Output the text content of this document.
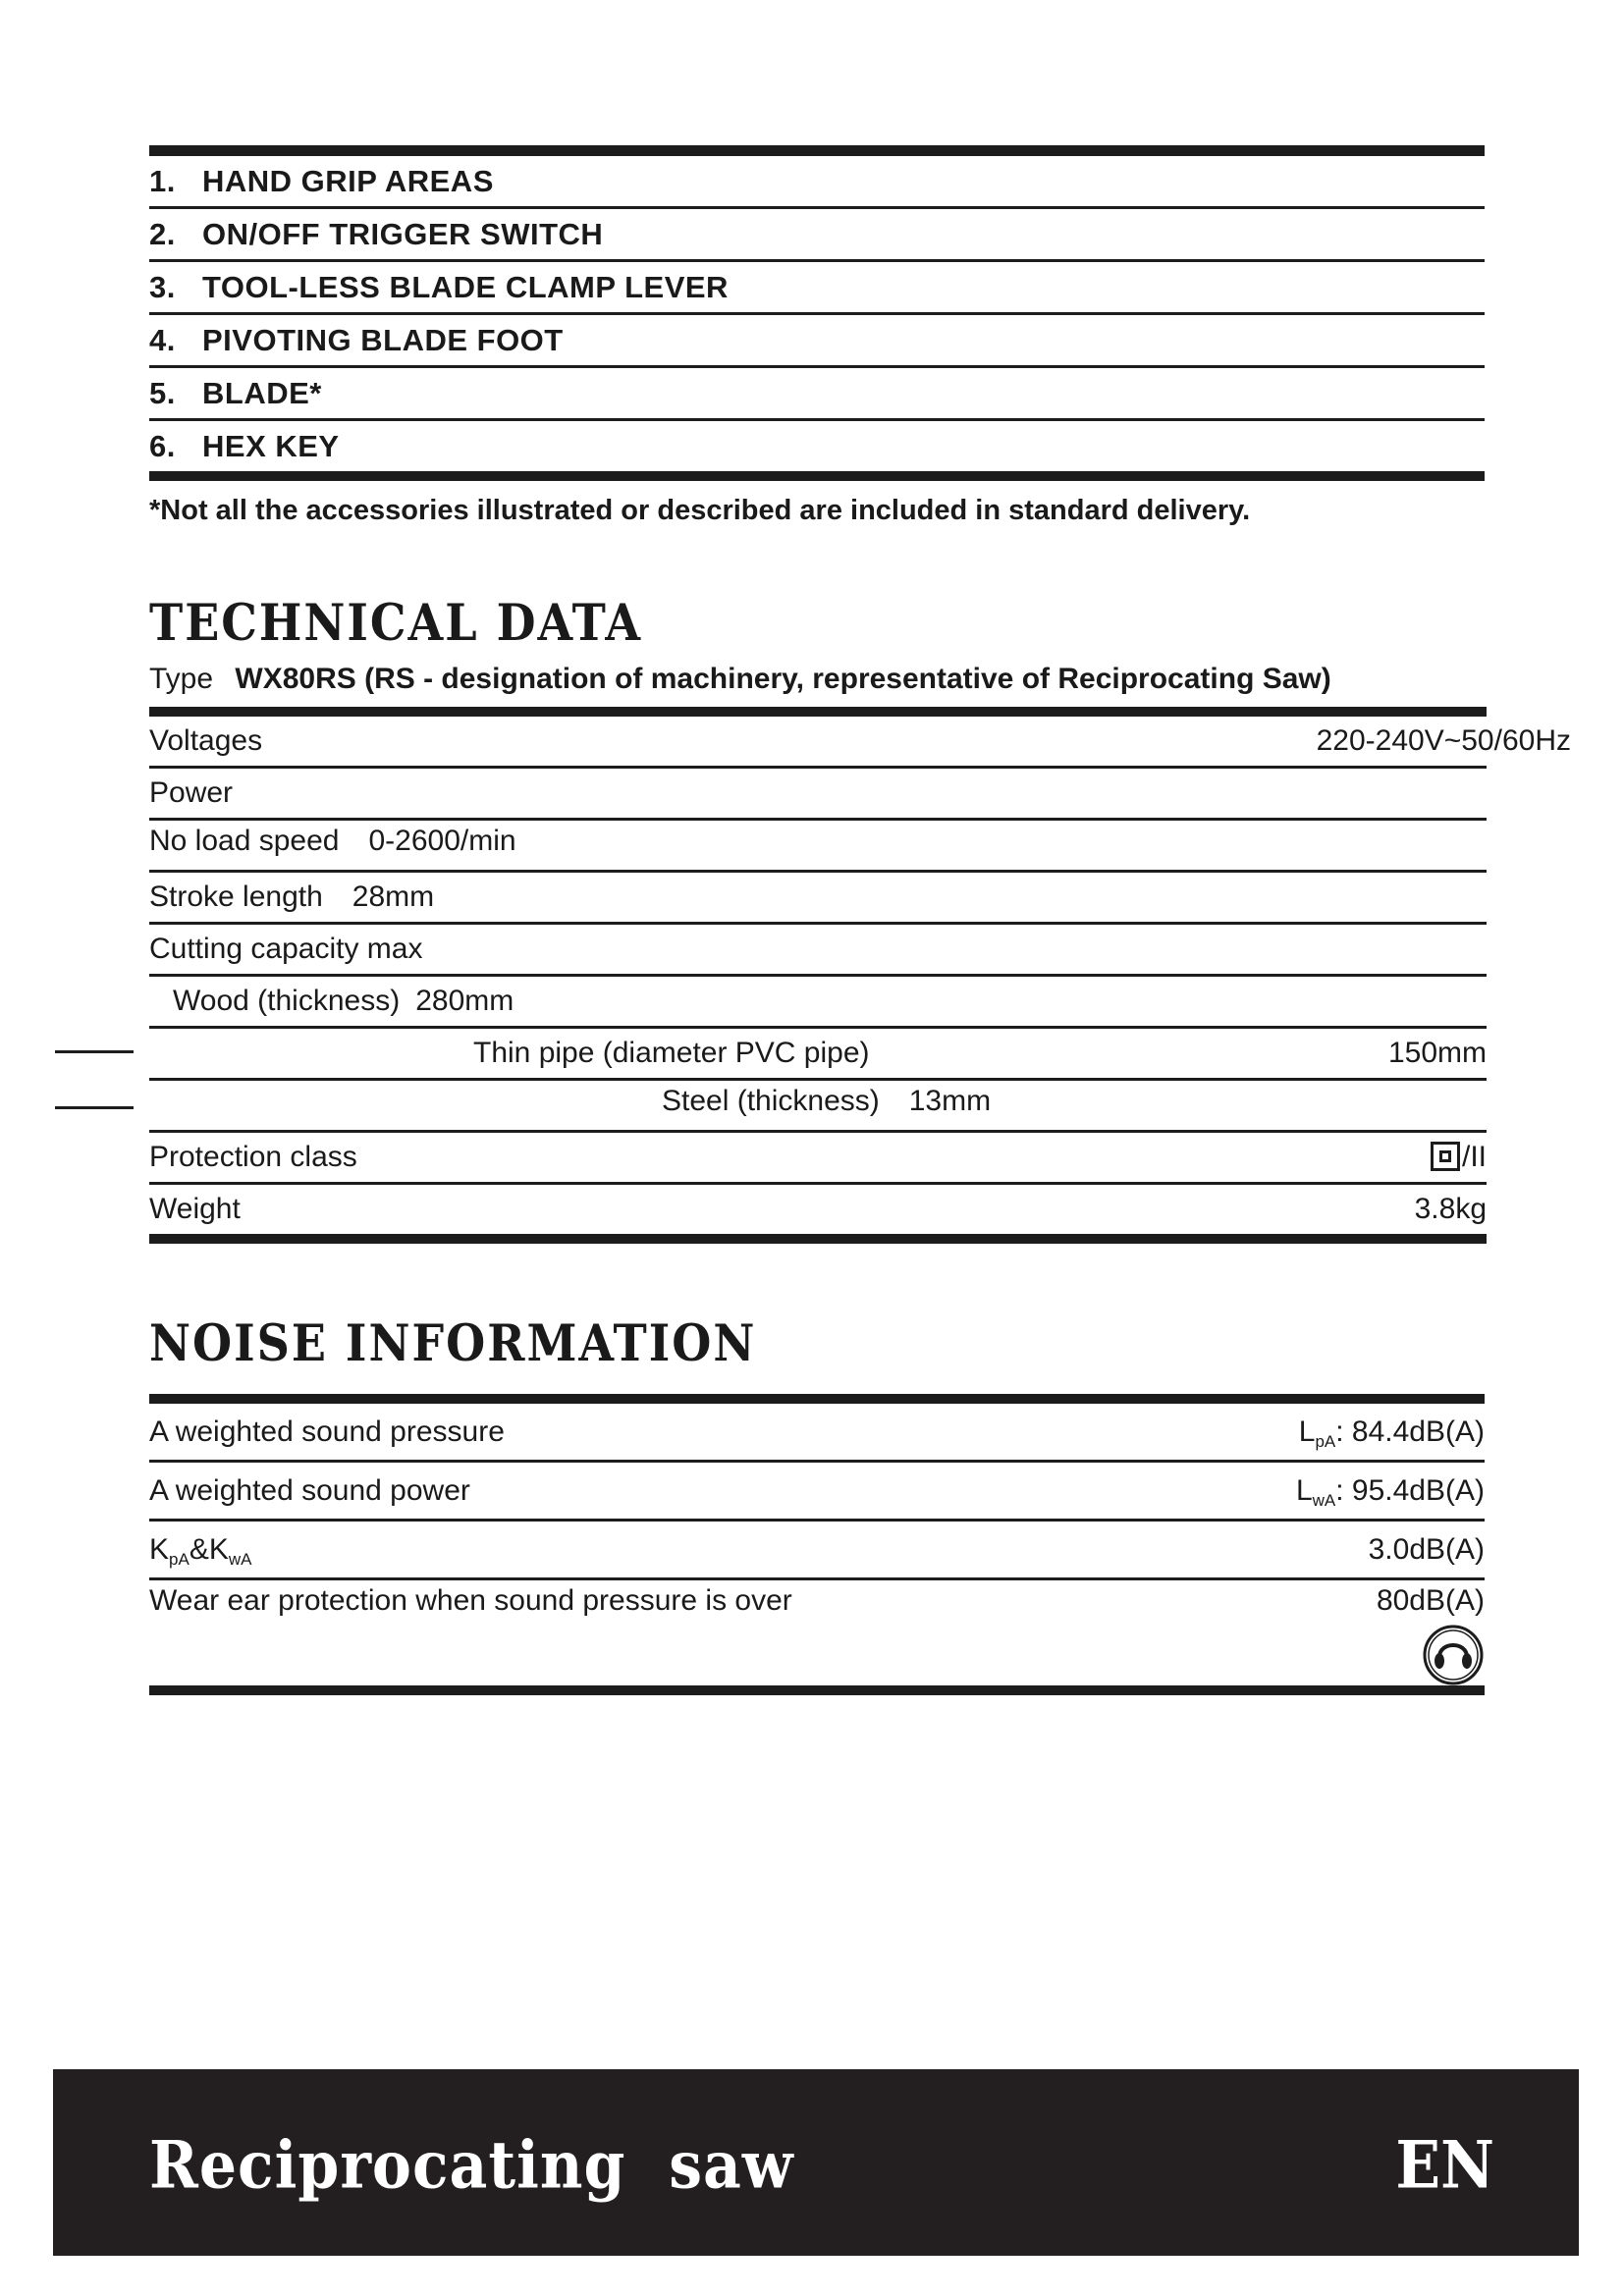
1. HAND GRIP AREAS
2. ON/OFF TRIGGER SWITCH
3. TOOL-LESS BLADE CLAMP LEVER
4. PIVOTING BLADE FOOT
5. BLADE*
6. HEX KEY
*Not all the accessories illustrated or described are included in standard delivery.
TECHNICAL DATA
Type WX80RS (RS - designation of machinery, representative of Reciprocating Saw)
Voltages	220-240V~50/60Hz
Power
No load speed 0-2600/min
Stroke length 28mm
Cutting capacity max
Wood (thickness) 280mm
Thin pipe (diameter PVC pipe)	150mm
Steel (thickness) 13mm
Protection class	/II
Weight	3.8kg
NOISE INFORMATION
A weighted sound pressure	$L_{pA}$: 84.4dB(A)
A weighted sound power	$L_{wA}$: 95.4dB(A)
$K_{pA}\&K_{wA}$	3.0dB(A)
Wear ear protection when sound pressure is over	80dB(A)
Reciprocating  saw	EN
